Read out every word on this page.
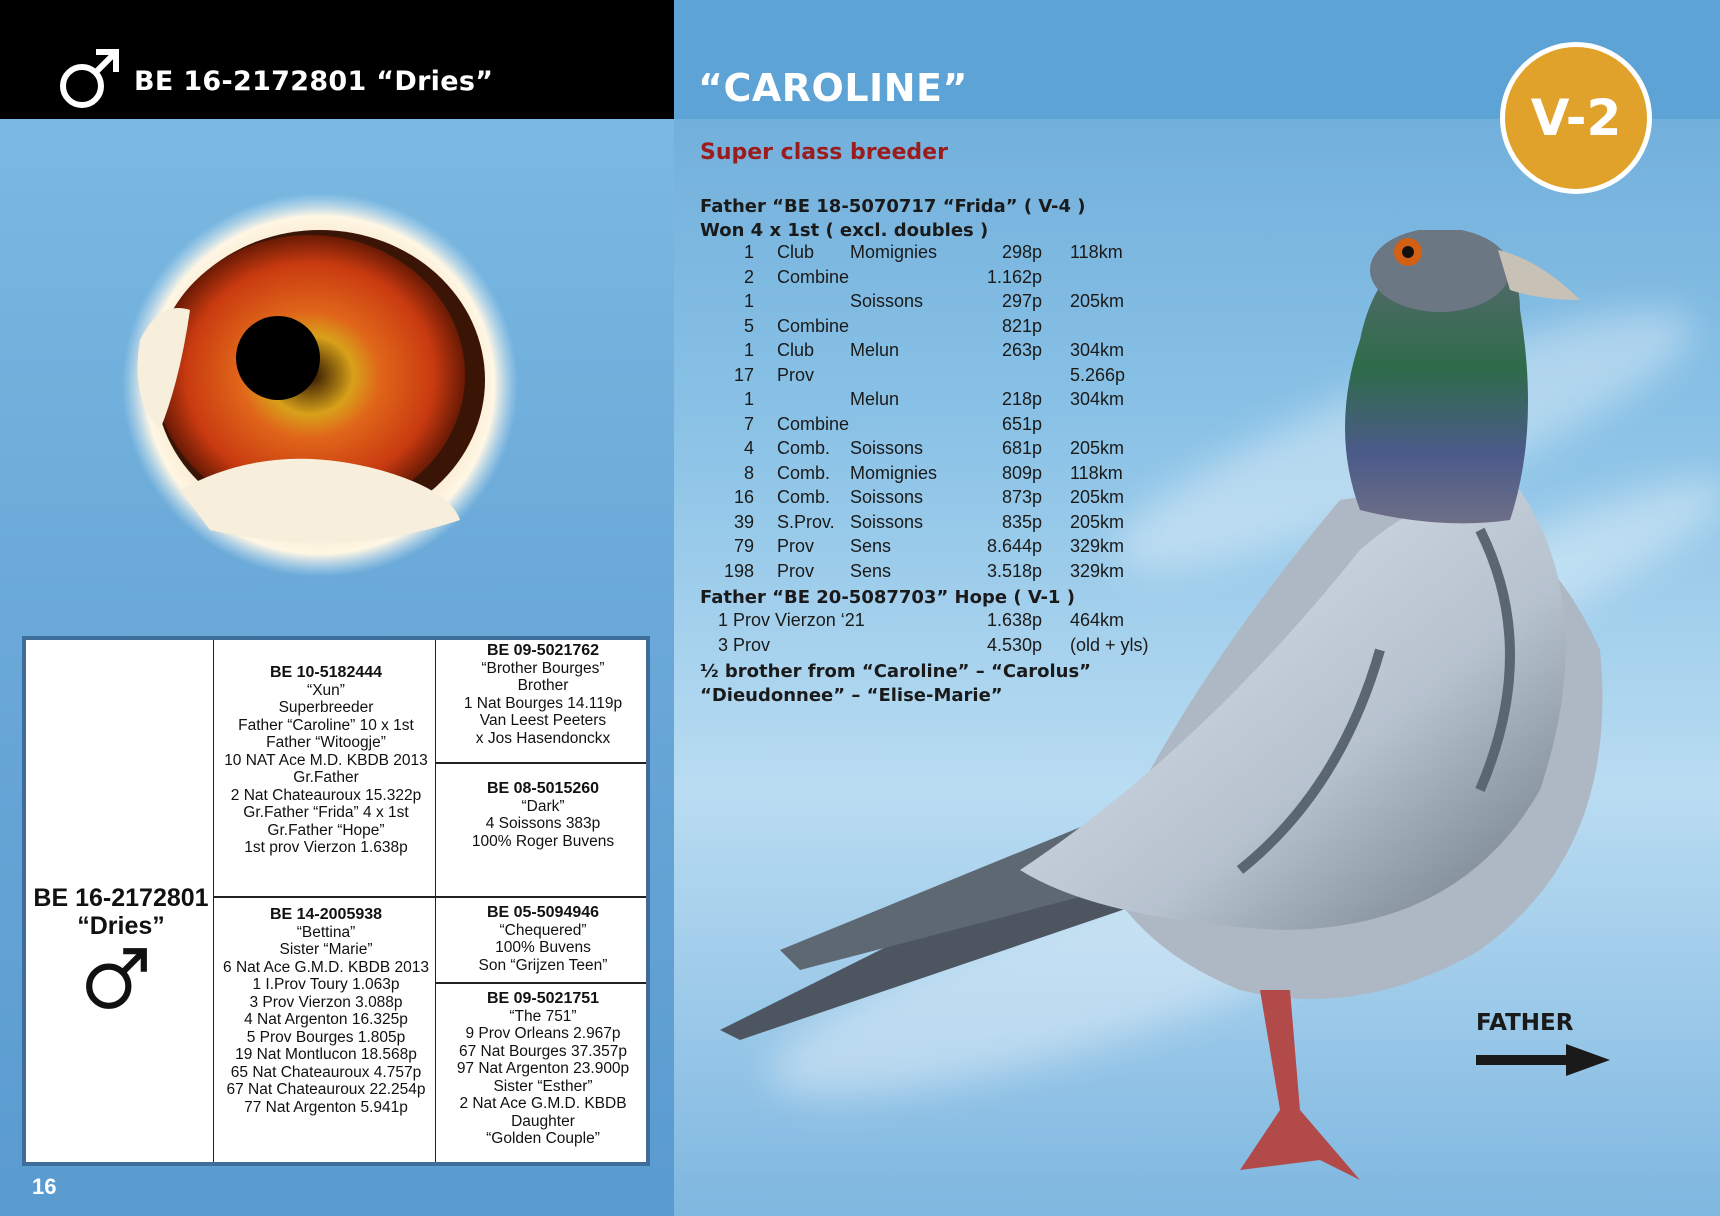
BE 16-2172801 “Dries”
BE 16-2172801
“Dries”
BE 10-5182444
“Xun”
Superbreeder
Father “Caroline” 10 x 1st
Father “Witoogje”
10 NAT Ace M.D. KBDB 2013
Gr.Father
2 Nat Chateauroux 15.322p
Gr.Father “Frida” 4 x 1st
Gr.Father “Hope”
1st prov Vierzon 1.638p
BE 14-2005938
“Bettina”
Sister “Marie”
6 Nat Ace G.M.D. KBDB 2013
1 I.Prov Toury 1.063p
3 Prov Vierzon 3.088p
4 Nat Argenton 16.325p
5 Prov Bourges 1.805p
19 Nat Montlucon 18.568p
65 Nat Chateauroux 4.757p
67 Nat Chateauroux 22.254p
77 Nat Argenton 5.941p
BE 09-5021762
“Brother Bourges”
Brother
1 Nat Bourges 14.119p
Van Leest Peeters
x Jos Hasendonckx
BE 08-5015260
“Dark”
4 Soissons 383p
100% Roger Buvens
BE 05-5094946
“Chequered”
100% Buvens
Son “Grijzen Teen”
BE 09-5021751
“The 751”
9 Prov Orleans 2.967p
67 Nat Bourges 37.357p
97 Nat Argenton 23.900p
Sister “Esther”
2 Nat Ace G.M.D. KBDB
Daughter
“Golden Couple”
16
“CAROLINE”
V-2
Super class breeder
Father “BE 18-5070717 “Frida” ( V-4 )
Won 4 x 1st ( excl. doubles )
1 Club Momignies	298p 118km
2 Combine	1.162p
1	Soissons	297p 205km
5 Combine	821p
1 Club Melun	263p 304km
17 Prov	5.266p
1	Melun	218p 304km
7 Combine	651p
4 Comb. Soissons	681p 205km
8 Comb. Momignies	809p 118km
16 Comb. Soissons	873p 205km
39 S.Prov. Soissons	835p 205km
79 Prov Sens	8.644p 329km
198 Prov Sens	3.518p 329km
Father “BE 20-5087703” Hope ( V-1 )
1 Prov Vierzon ‘21	1.638p 464km
3 Prov	4.530p (old + yls)
½ brother from “Caroline” – “Carolus”
“Dieudonnee” – “Elise-Marie”
FATHER
